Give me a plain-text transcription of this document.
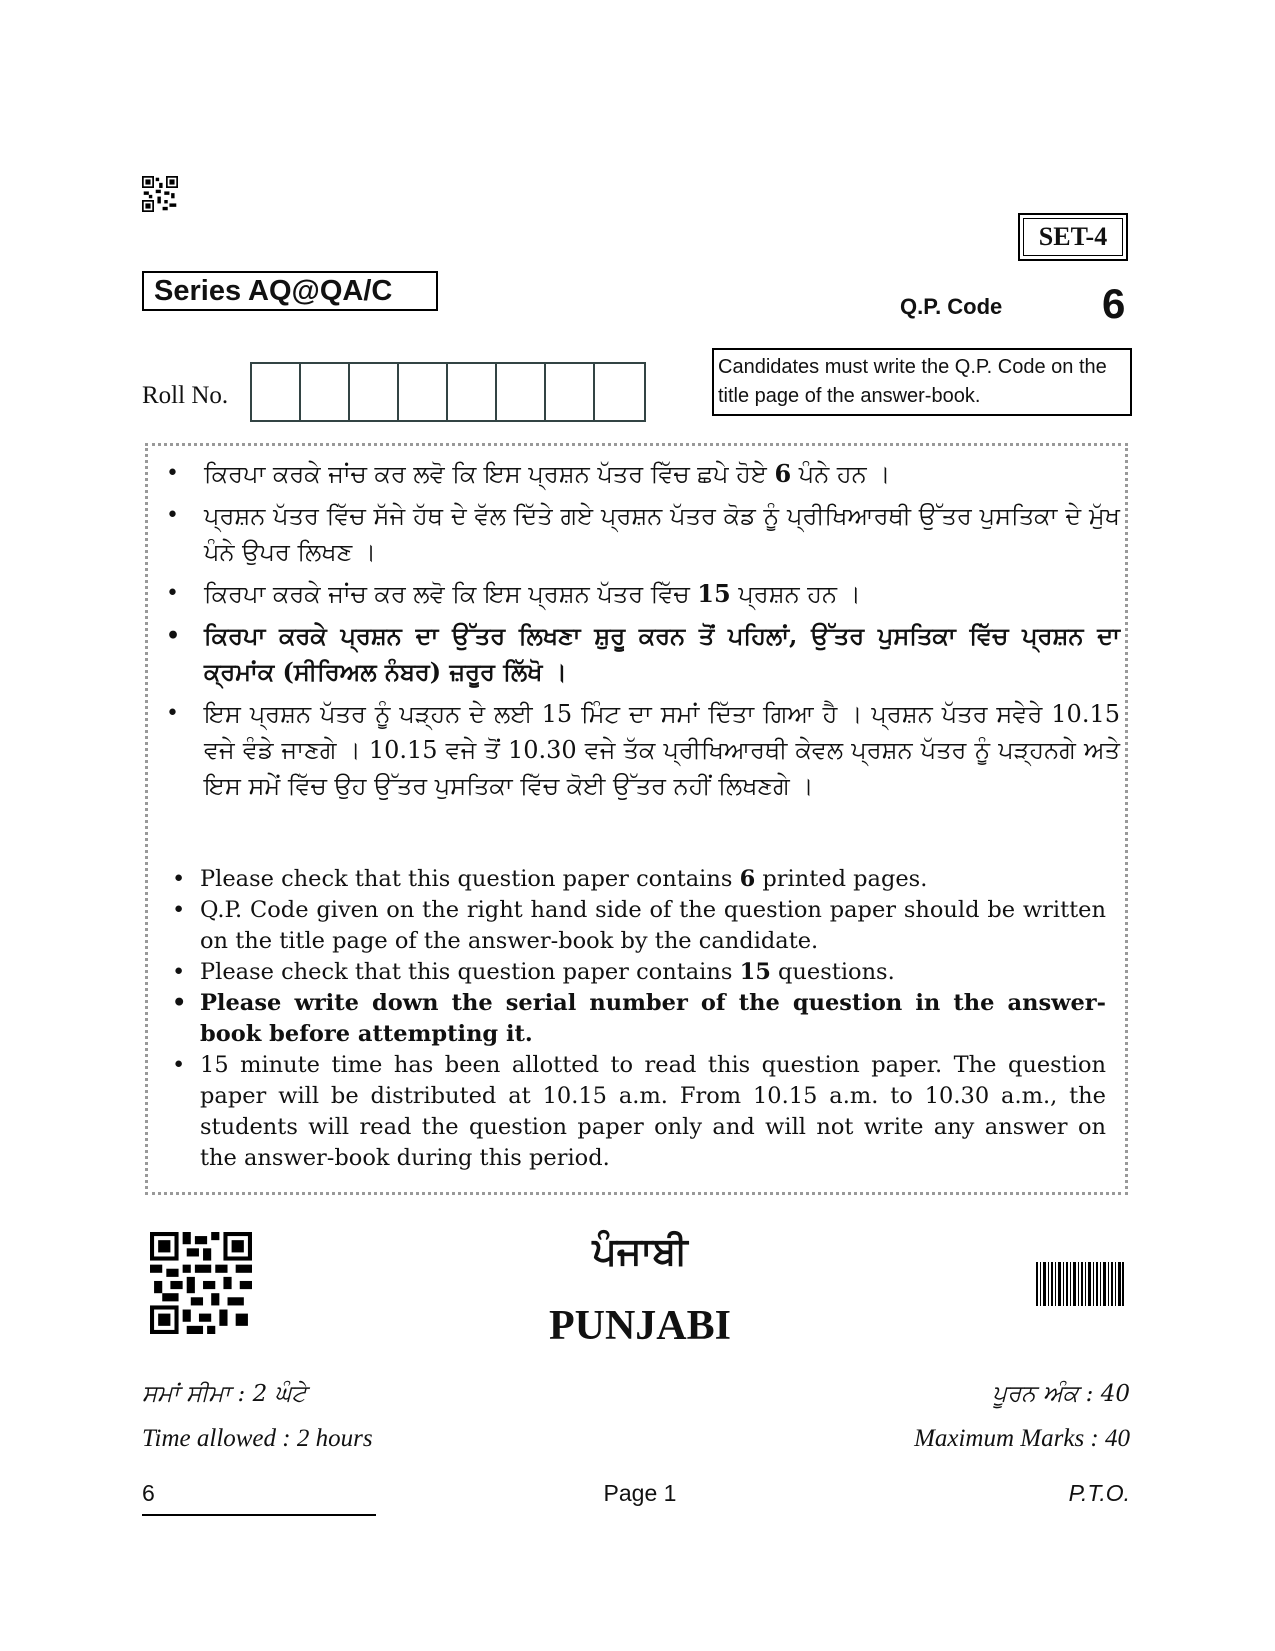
SET-4
Series AQ@QA/C	Q.P. Code 6
Roll No.
Candidates must write the Q.P. Code on the title page of the answer-book.
• ਕਿਰਪਾ ਕਰਕੇ ਜਾਂਚ ਕਰ ਲਵੋ ਕਿ ਇਸ ਪ੍ਰਸ਼ਨ ਪੱਤਰ ਵਿੱਚ ਛਪੇ ਹੋਏ 6 ਪੰਨੇ ਹਨ ।
• ਪ੍ਰਸ਼ਨ ਪੱਤਰ ਵਿੱਚ ਸੱਜੇ ਹੱਥ ਦੇ ਵੱਲ ਦਿੱਤੇ ਗਏ ਪ੍ਰਸ਼ਨ ਪੱਤਰ ਕੋਡ ਨੂੰ ਪ੍ਰੀਖਿਆਰਥੀ ਉੱਤਰ ਪੁਸਤਿਕਾ ਦੇ ਮੁੱਖ ਪੰਨੇ ਉਪਰ ਲਿਖਣ ।
• ਕਿਰਪਾ ਕਰਕੇ ਜਾਂਚ ਕਰ ਲਵੋ ਕਿ ਇਸ ਪ੍ਰਸ਼ਨ ਪੱਤਰ ਵਿੱਚ 15 ਪ੍ਰਸ਼ਨ ਹਨ ।
• ਕਿਰਪਾ ਕਰਕੇ ਪ੍ਰਸ਼ਨ ਦਾ ਉੱਤਰ ਲਿਖਣਾ ਸ਼ੁਰੂ ਕਰਨ ਤੋਂ ਪਹਿਲਾਂ, ਉੱਤਰ ਪੁਸਤਿਕਾ ਵਿੱਚ ਪ੍ਰਸ਼ਨ ਦਾ ਕ੍ਰਮਾਂਕ (ਸੀਰਿਅਲ ਨੰਬਰ) ਜ਼ਰੂਰ ਲਿੱਖੋ ।
• ਇਸ ਪ੍ਰਸ਼ਨ ਪੱਤਰ ਨੂੰ ਪੜ੍ਹਨ ਦੇ ਲਈ 15 ਮਿੰਟ ਦਾ ਸਮਾਂ ਦਿੱਤਾ ਗਿਆ ਹੈ । ਪ੍ਰਸ਼ਨ ਪੱਤਰ ਸਵੇਰੇ 10.15 ਵਜੇ ਵੰਡੇ ਜਾਣਗੇ । 10.15 ਵਜੇ ਤੋਂ 10.30 ਵਜੇ ਤੱਕ ਪ੍ਰੀਖਿਆਰਥੀ ਕੇਵਲ ਪ੍ਰਸ਼ਨ ਪੱਤਰ ਨੂੰ ਪੜ੍ਹਨਗੇ ਅਤੇ ਇਸ ਸਮੇਂ ਵਿੱਚ ਉਹ ਉੱਤਰ ਪੁਸਤਿਕਾ ਵਿੱਚ ਕੋਈ ਉੱਤਰ ਨਹੀਂ ਲਿਖਣਗੇ ।
• Please check that this question paper contains 6 printed pages.
• Q.P. Code given on the right hand side of the question paper should be written on the title page of the answer-book by the candidate.
• Please check that this question paper contains 15 questions.
• Please write down the serial number of the question in the answer-book before attempting it.
• 15 minute time has been allotted to read this question paper. The question paper will be distributed at 10.15 a.m. From 10.15 a.m. to 10.30 a.m., the students will read the question paper only and will not write any answer on the answer-book during this period.
ਪੰਜਾਬੀ
PUNJABI
ਸਮਾਂ ਸੀਮਾ : 2 ਘੰਟੇ	ਪੂਰਨ ਅੰਕ : 40
Time allowed : 2 hours	Maximum Marks : 40
6	Page 1	P.T.O.
